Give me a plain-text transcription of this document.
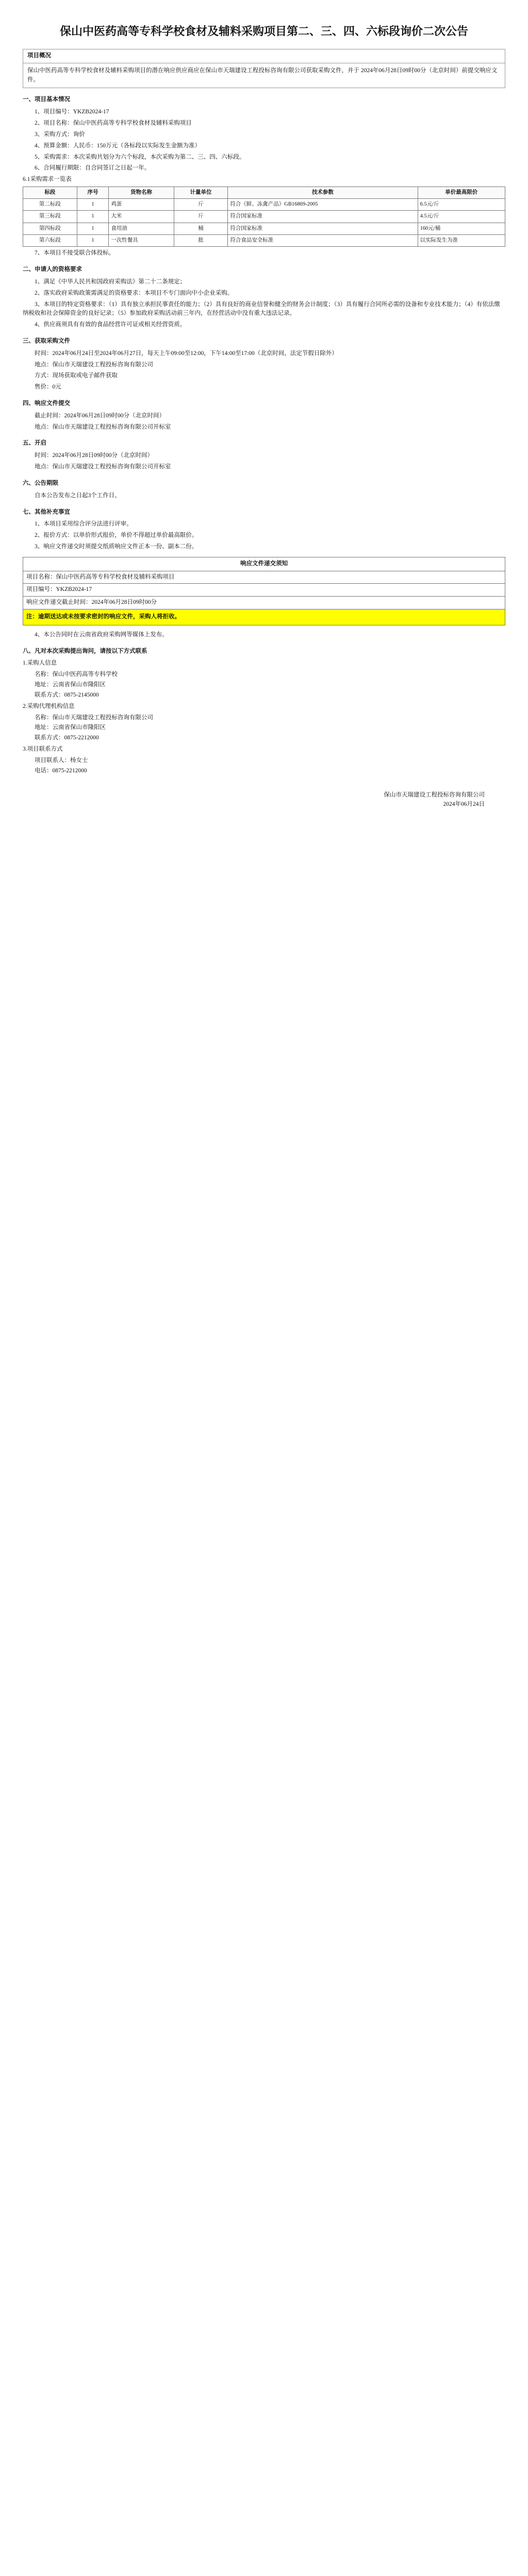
保山中医药高等专科学校食材及辅料采购项目第二、三、四、六标段询价二次公告
项目概况
保山中医药高等专科学校食材及辅料采购项目的潜在响应供应商应在保山市天瑞建设工程投标咨询有限公司获取采购文件，并于 2024年06月28日09时00分（北京时间）前提交响应文件。
一、项目基本情况

1、项目编号：YKZB2024-17

2、项目名称：保山中医药高等专科学校食材及辅料采购项目

3、采购方式：询价

4、预算金额：人民币：150万元（各标段以实际发生金额为准）

5、采购需求：本次采购共划分为六个标段，本次采购为第二、三、四、六标段。

6、合同履行期限：自合同签订之日起一年。

6.1采购需求一览表

标段	序号	货物名称	计量单位	技术参数	单价最高限价
第二标段	1	鸡蛋	斤	符合《鲜、冻禽产品》GB16869-2005	6.5元/斤
第三标段	1	大米	斤	符合国家标准	4.5元/斤
第四标段	1	食用油	桶	符合国家标准	160元/桶
第六标段	1	一次性餐具	批	符合食品安全标准	以实际发生为准

7、本项目不接受联合体投标。

二、申请人的资格要求

1、满足《中华人民共和国政府采购法》第二十二条规定；

2、落实政府采购政策需满足的资格要求：本项目不专门面向中小企业采购。

3、本项目的特定资格要求：（1）具有独立承担民事责任的能力；（2）具有良好的商业信誉和健全的财务会计制度；（3）具有履行合同所必需的设备和专业技术能力；（4）有依法缴纳税收和社会保障资金的良好记录；（5）参加政府采购活动前三年内，在经营活动中没有重大违法记录。

4、供应商须具有有效的食品经营许可证或相关经营资质。

三、获取采购文件

时间：2024年06月24日至2024年06月27日，每天上午09:00至12:00，下午14:00至17:00（北京时间，法定节假日除外）

地点：保山市天瑞建设工程投标咨询有限公司

方式：现场获取或电子邮件获取

售价：0元

四、响应文件提交

截止时间：2024年06月28日09时00分（北京时间）

地点：保山市天瑞建设工程投标咨询有限公司开标室

五、开启

时间：2024年06月28日09时00分（北京时间）

地点：保山市天瑞建设工程投标咨询有限公司开标室

六、公告期限

自本公告发布之日起3个工作日。

七、其他补充事宜

1、本项目采用综合评分法进行评审。

2、报价方式：以单价形式报价，单价不得超过单价最高限价。

3、响应文件递交时须提交纸质响应文件正本一份、副本二份。

响应文件递交须知
项目名称：保山中医药高等专科学校食材及辅料采购项目
项目编号：YKZB2024-17
响应文件递交截止时间：2024年06月28日09时00分
注：逾期送达或未按要求密封的响应文件，采购人将拒收。

4、本公告同时在云南省政府采购网等媒体上发布。

八、凡对本次采购提出询问，请按以下方式联系

1.采购人信息

名称：保山中医药高等专科学校
地址：云南省保山市隆阳区
联系方式：0875-2145000

2.采购代理机构信息

名称：保山市天瑞建设工程投标咨询有限公司
地址：云南省保山市隆阳区
联系方式：0875-2212000

3.项目联系方式

项目联系人：杨女士
电话：0875-2212000
保山市天瑞建设工程投标咨询有限公司
2024年06月24日
